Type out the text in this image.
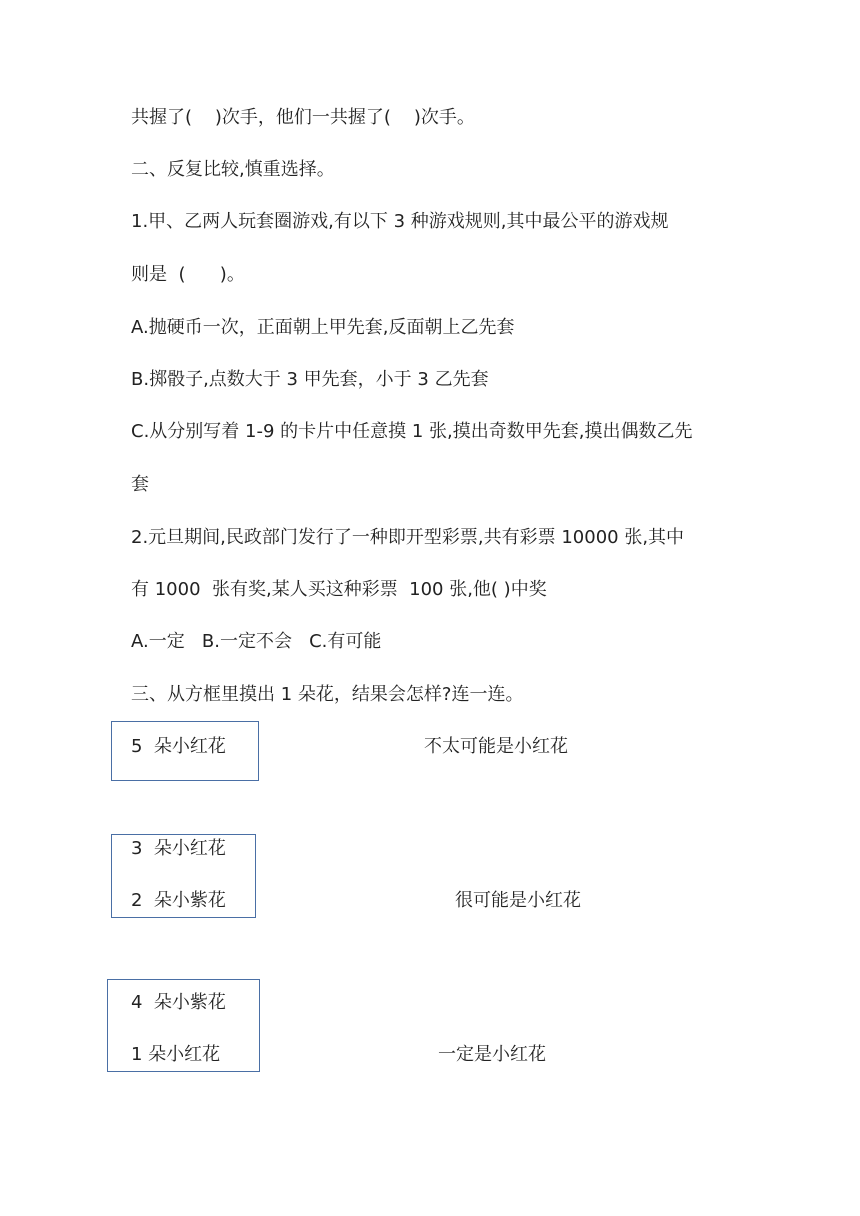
共握了(    )次手，他们一共握了(    )次手。
二、反复比较,慎重选择。
1.甲、乙两人玩套圈游戏,有以下 3 种游戏规则,其中最公平的游戏规
则是  (      )。
A.抛硬币一次，正面朝上甲先套,反面朝上乙先套
B.掷骰子,点数大于 3 甲先套，小于 3 乙先套
C.从分别写着 1-9 的卡片中任意摸 1 张,摸出奇数甲先套,摸出偶数乙先
套
2.元旦期间,民政部门发行了一种即开型彩票,共有彩票 10000 张,其中
有 1000  张有奖,某人买这种彩票  100 张,他( )中奖
A.一定   B.一定不会   C.有可能
三、从方框里摸出 1 朵花，结果会怎样?连一连。
5  朵小红花
3  朵小红花
2  朵小紫花
4  朵小紫花
1 朵小红花
不太可能是小红花
很可能是小红花
一定是小红花
